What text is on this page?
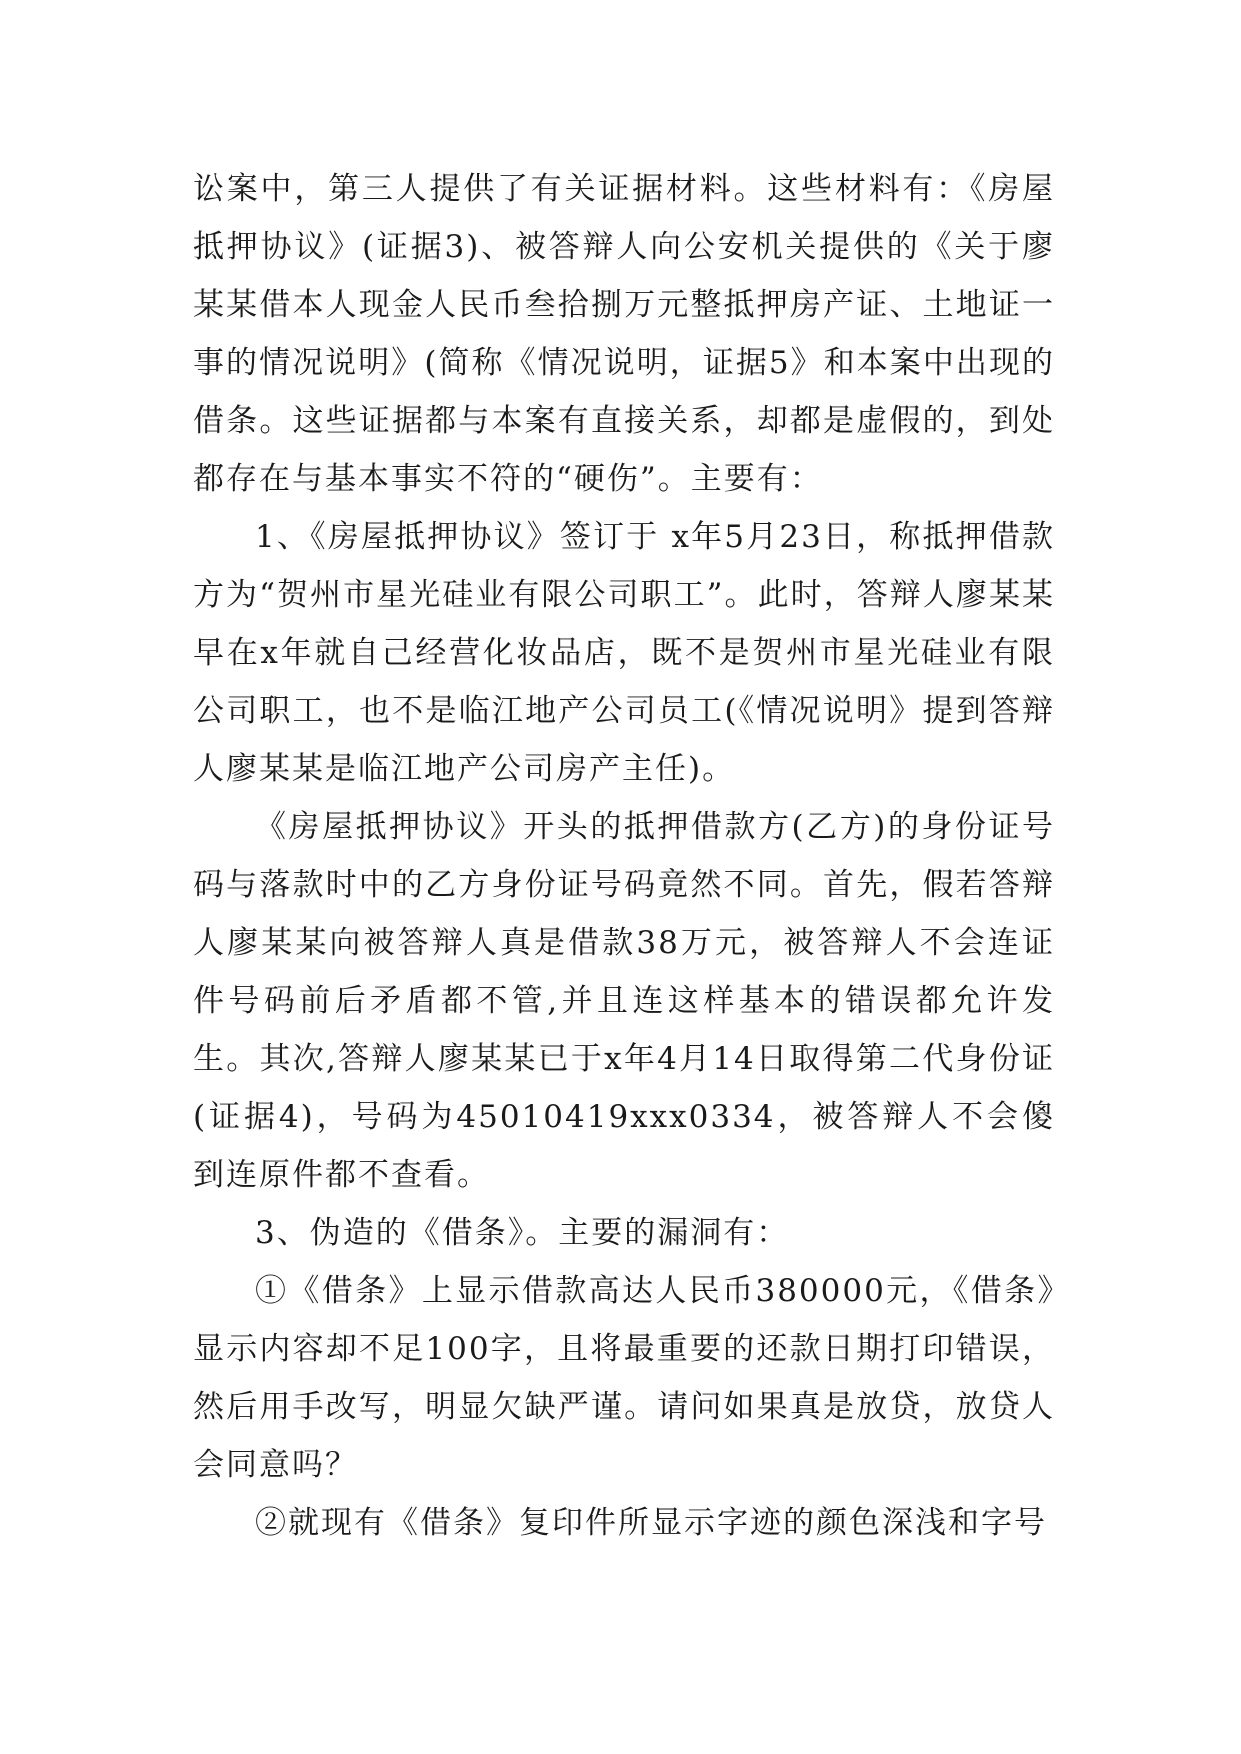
讼案中，第三人提供了有关证据材料。这些材料有：《房屋抵押协议》(证据3)、被答辩人向公安机关提供的《关于廖某某借本人现金人民币叁拾捌万元整抵押房产证、土地证一事的情况说明》(简称《情况说明，证据5》和本案中出现的借条。这些证据都与本案有直接关系，却都是虚假的，到处都存在与基本事实不符的“硬伤”。主要有：

1、《房屋抵押协议》签订于 x年5月23日，称抵押借款方为“贺州市星光硅业有限公司职工”。此时，答辩人廖某某早在x年就自己经营化妆品店，既不是贺州市星光硅业有限公司职工，也不是临江地产公司员工(《情况说明》提到答辩人廖某某是临江地产公司房产主任)。

《房屋抵押协议》开头的抵押借款方(乙方)的身份证号码与落款时中的乙方身份证号码竟然不同。首先，假若答辩人廖某某向被答辩人真是借款38万元，被答辩人不会连证件号码前后矛盾都不管,并且连这样基本的错误都允许发生。其次,答辩人廖某某已于x年4月14日取得第二代身份证(证据4)，号码为45010419xxx0334，被答辩人不会傻到连原件都不查看。

3、伪造的《借条》。主要的漏洞有：

①《借条》上显示借款高达人民币380000元，《借条》显示内容却不足100字，且将最重要的还款日期打印错误，然后用手改写，明显欠缺严谨。请问如果真是放贷，放贷人会同意吗？

②就现有《借条》复印件所显示字迹的颜色深浅和字号
